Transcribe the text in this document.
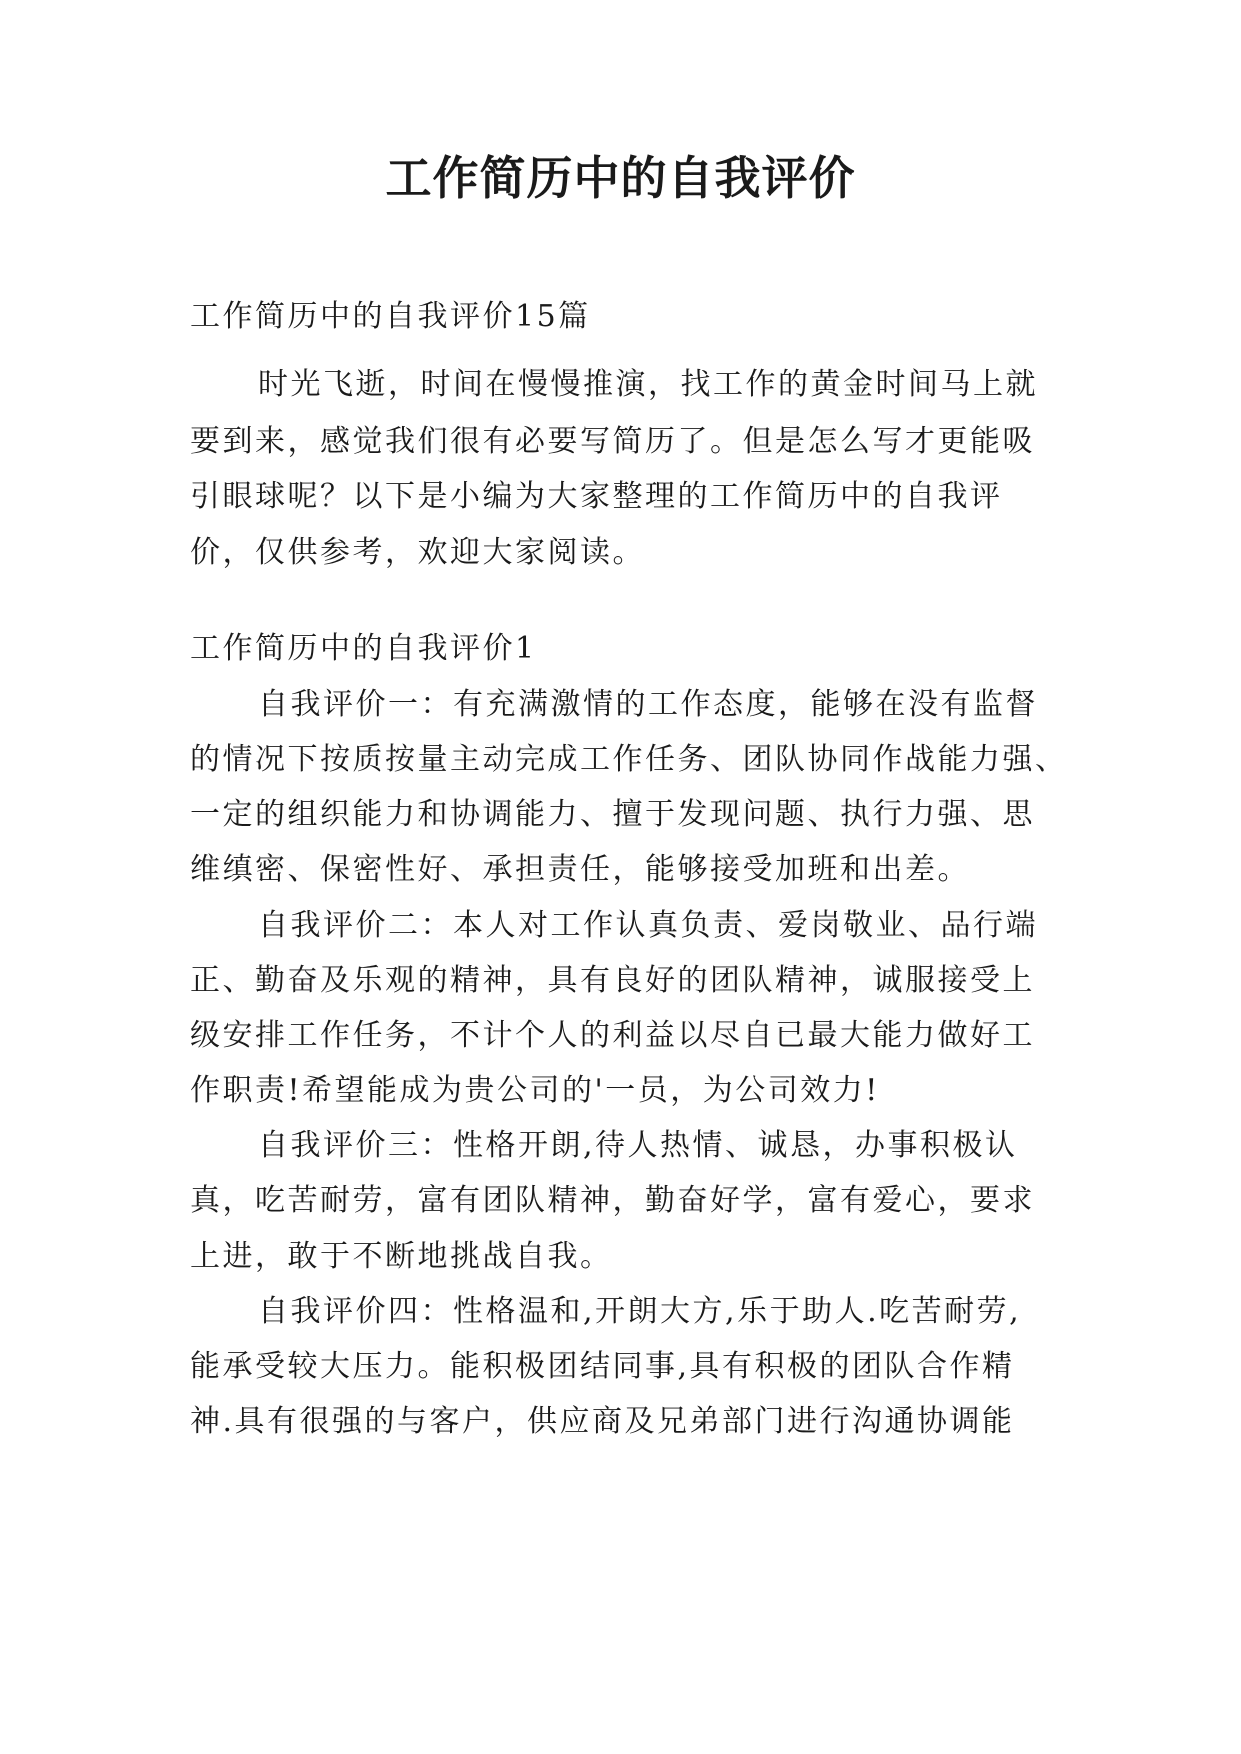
工作简历中的自我评价
工作简历中的自我评价15篇
时光飞逝，时间在慢慢推演，找工作的黄金时间马上就
要到来，感觉我们很有必要写简历了。但是怎么写才更能吸
引眼球呢？以下是小编为大家整理的工作简历中的自我评
价，仅供参考，欢迎大家阅读。
工作简历中的自我评价1
自我评价一：有充满激情的工作态度，能够在没有监督
的情况下按质按量主动完成工作任务、团队协同作战能力强、
一定的组织能力和协调能力、擅于发现问题、执行力强、思
维缜密、保密性好、承担责任，能够接受加班和出差。
自我评价二：本人对工作认真负责、爱岗敬业、品行端
正、勤奋及乐观的精神，具有良好的团队精神，诚服接受上
级安排工作任务，不计个人的利益以尽自已最大能力做好工
作职责!希望能成为贵公司的'一员，为公司效力!
自我评价三：性格开朗,待人热情、诚恳，办事积极认
真，吃苦耐劳，富有团队精神，勤奋好学，富有爱心，要求
上进，敢于不断地挑战自我。
自我评价四：性格温和,开朗大方,乐于助人.吃苦耐劳,
能承受较大压力。能积极团结同事,具有积极的团队合作精
神.具有很强的与客户，供应商及兄弟部门进行沟通协调能
